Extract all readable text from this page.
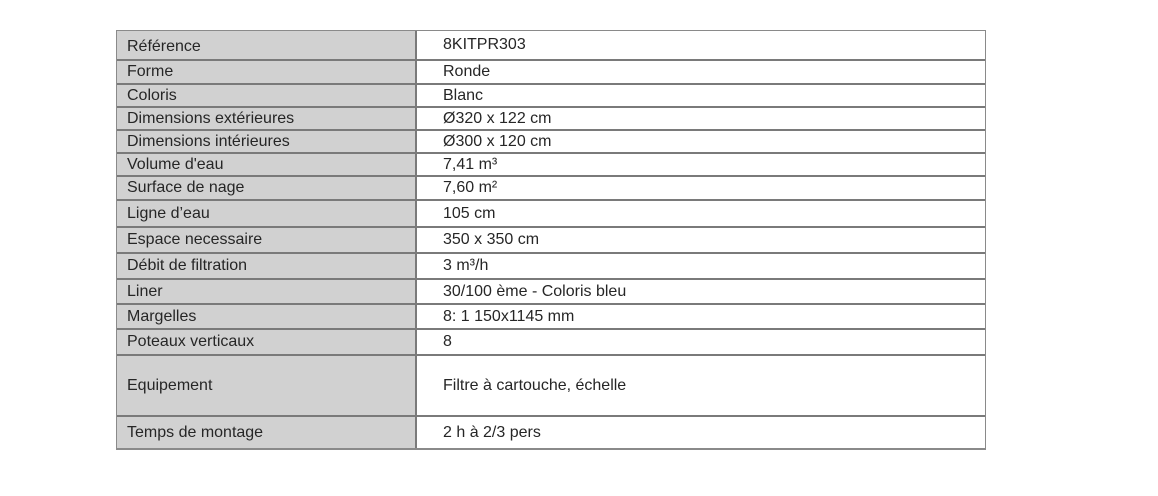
Référence	8KITPR303
Forme	Ronde
Coloris	Blanc
Dimensions extérieures	Ø320 x 122 cm
Dimensions intérieures	Ø300 x 120 cm
Volume d'eau	7,41 m³
Surface de nage	7,60 m²
Ligne d’eau	105 cm
Espace necessaire	350 x 350 cm
Débit de filtration	3 m³/h
Liner	30/100 ème - Coloris bleu
Margelles	8: 1 150x1145 mm
Poteaux verticaux	8
Equipement	Filtre à cartouche, échelle
Temps de montage	2 h à 2/3 pers
